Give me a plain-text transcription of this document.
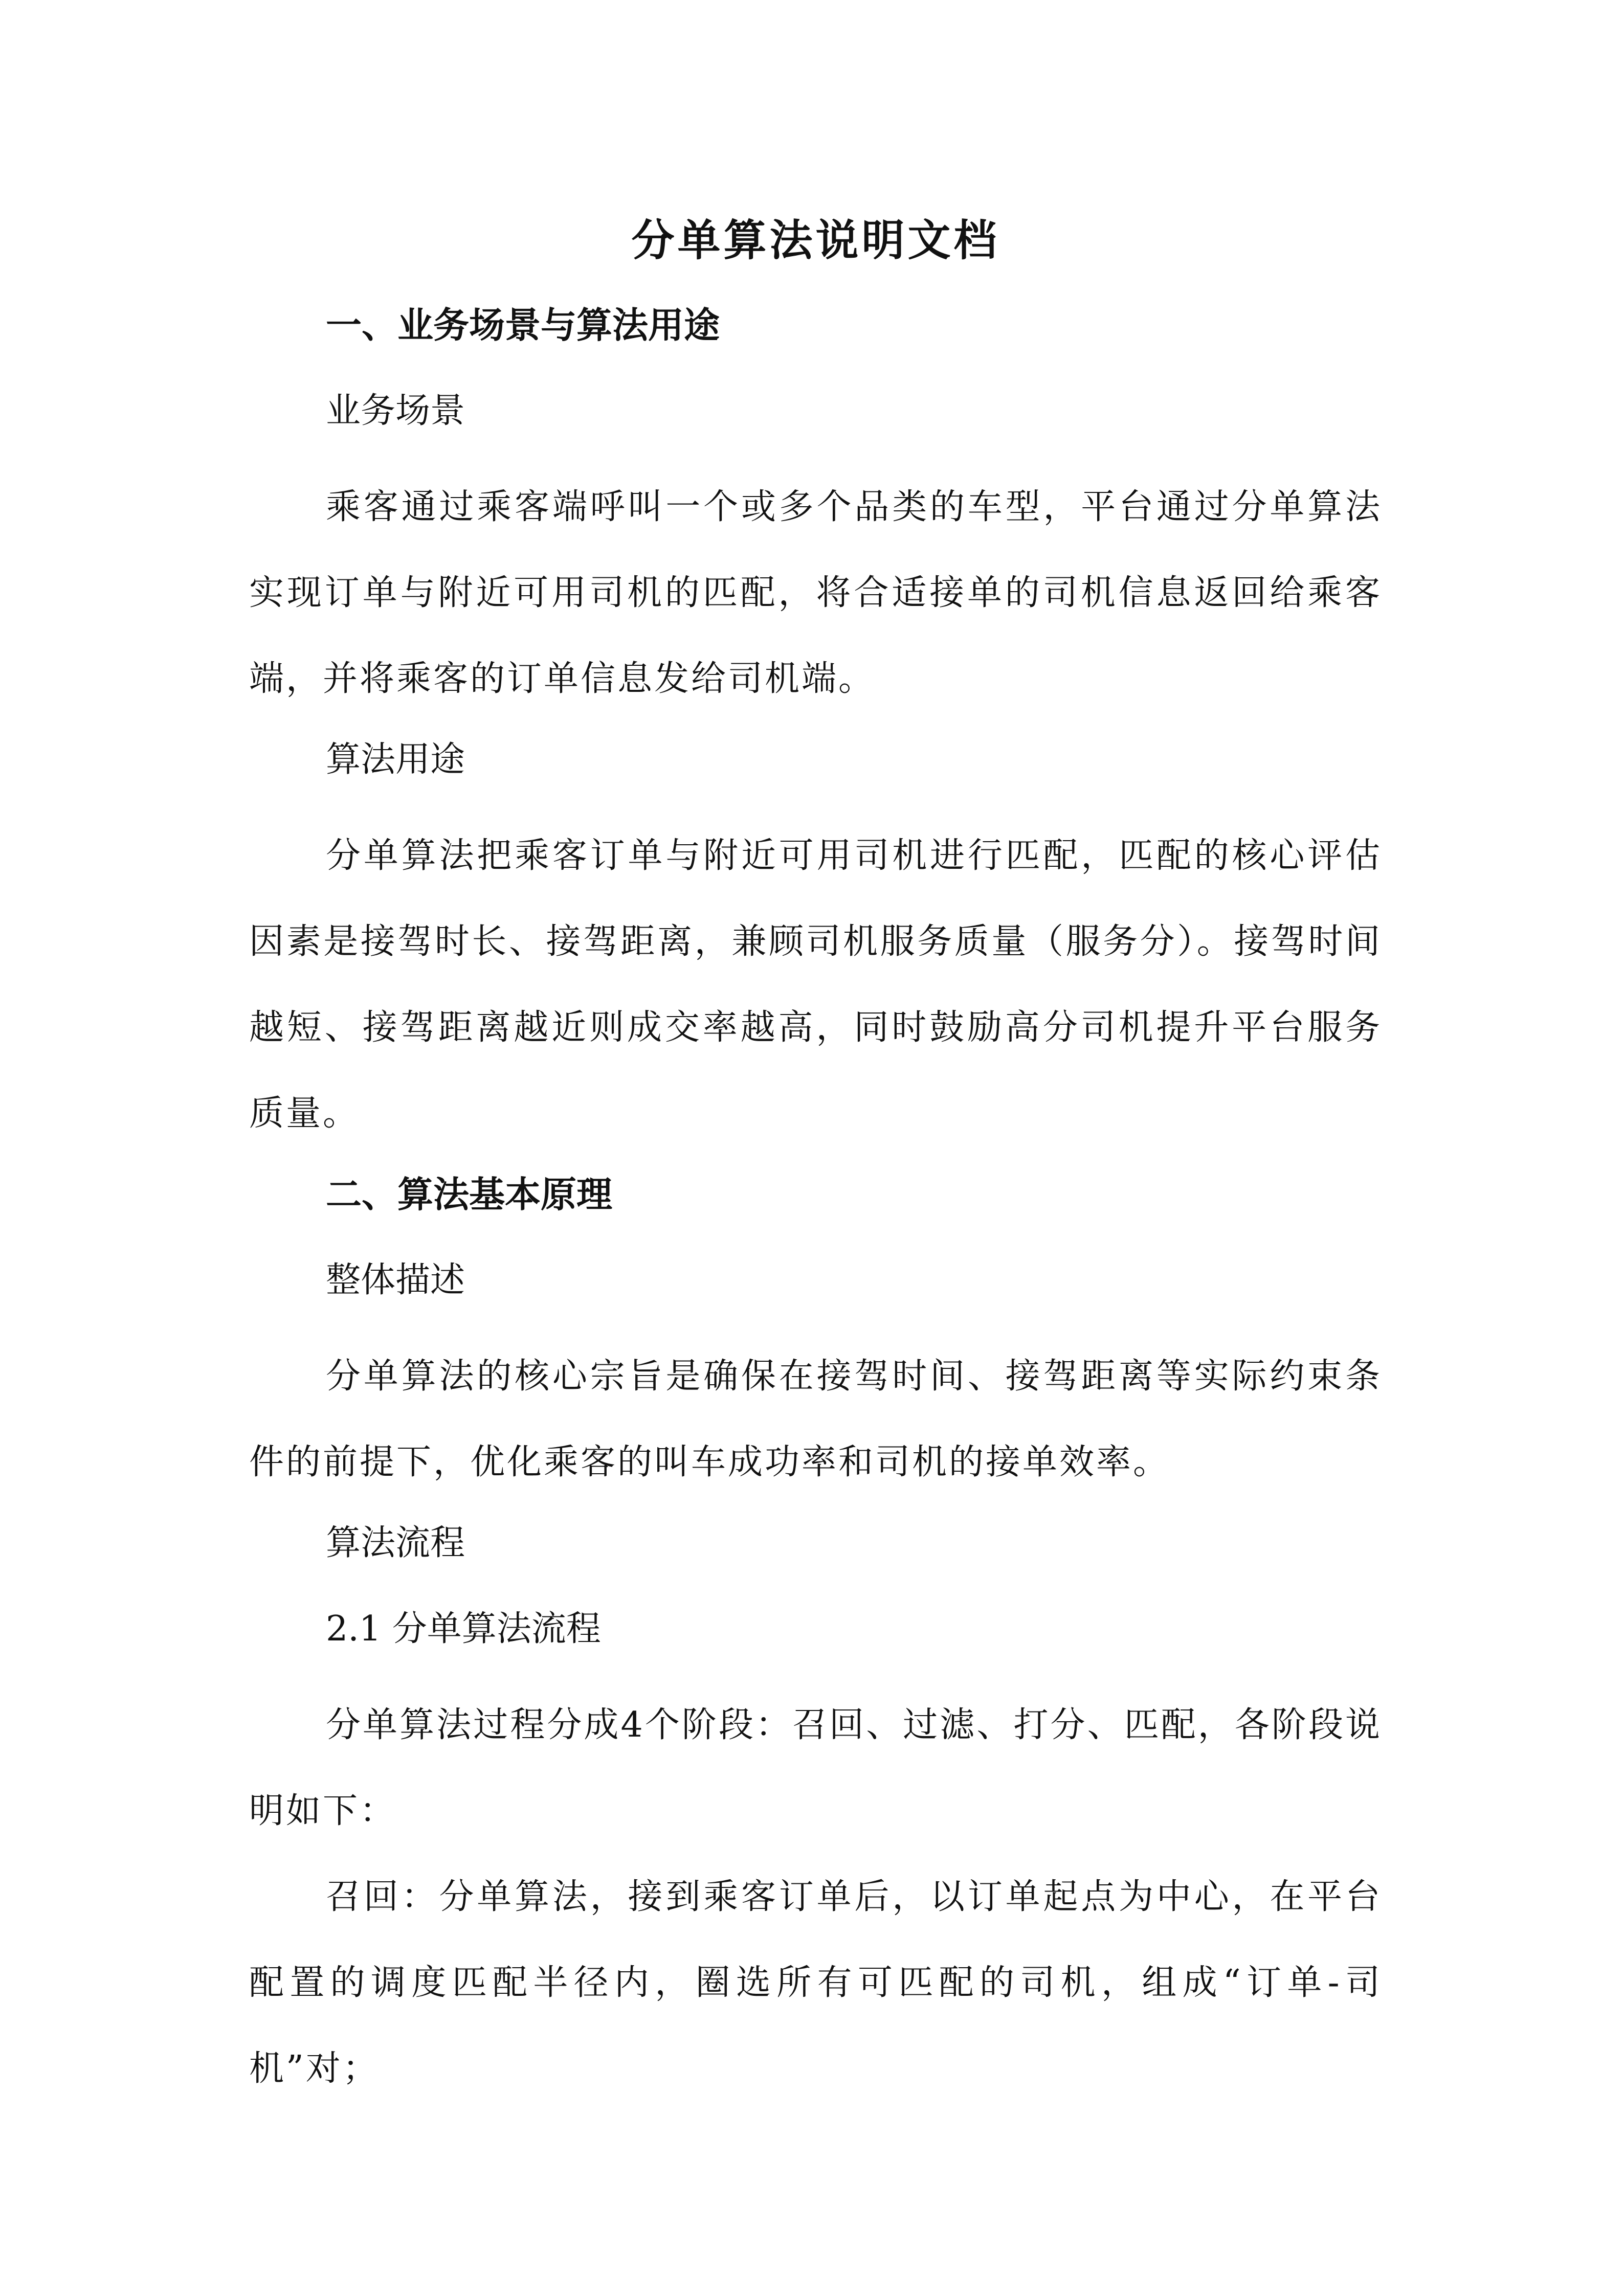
分单算法说明文档
一、业务场景与算法用途
业务场景

乘客通过乘客端呼叫一个或多个品类的车型，平台通过分单算法实现订单与附近可用司机的匹配，将合适接单的司机信息返回给乘客端，并将乘客的订单信息发给司机端。

算法用途

分单算法把乘客订单与附近可用司机进行匹配，匹配的核心评估因素是接驾时长、接驾距离，兼顾司机服务质量（服务分）。接驾时间越短、接驾距离越近则成交率越高，同时鼓励高分司机提升平台服务质量。

二、算法基本原理
整体描述

分单算法的核心宗旨是确保在接驾时间、接驾距离等实际约束条件的前提下，优化乘客的叫车成功率和司机的接单效率。

算法流程
2.1 分单算法流程

分单算法过程分成4个阶段：召回、过滤、打分、匹配，各阶段说明如下：

召回：分单算法，接到乘客订单后，以订单起点为中心，在平台配置的调度匹配半径内，圈选所有可匹配的司机，组成“订单-司机”对；
